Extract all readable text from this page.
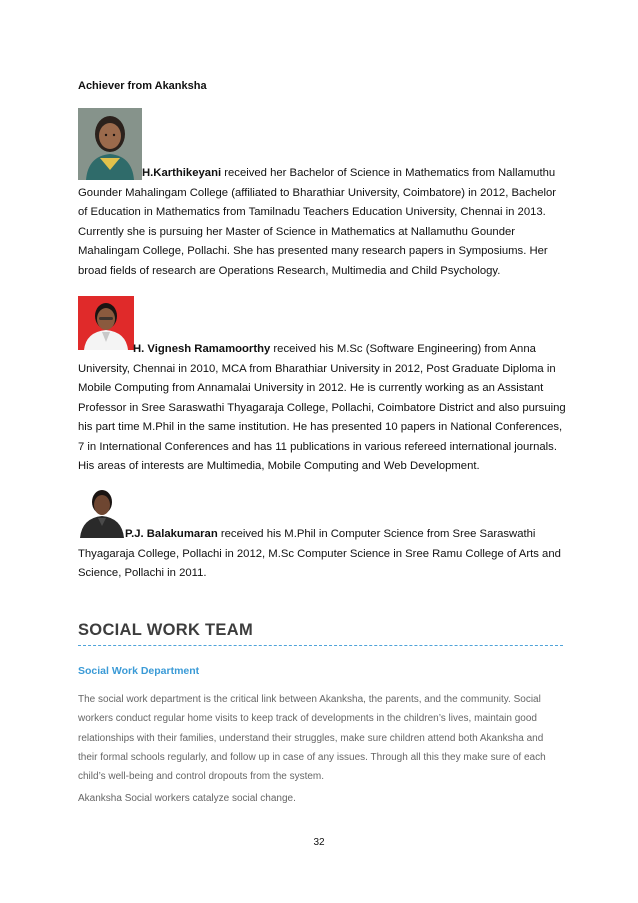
Achiever from Akanksha

H.Karthikeyani received her Bachelor of Science in Mathematics from Nallamuthu Gounder Mahalingam College (affiliated to Bharathiar University, Coimbatore) in 2012, Bachelor of Education in Mathematics from Tamilnadu Teachers Education University, Chennai in 2013. Currently she is pursuing her Master of Science in Mathematics at Nallamuthu Gounder Mahalingam College, Pollachi. She has presented many research papers in Symposiums. Her broad fields of research are Operations Research, Multimedia and Child Psychology.

H. Vignesh Ramamoorthy received his M.Sc (Software Engineering) from Anna University, Chennai in 2010, MCA from Bharathiar University in 2012, Post Graduate Diploma in Mobile Computing from Annamalai University in 2012. He is currently working as an Assistant Professor in Sree Saraswathi Thyagaraja College, Pollachi, Coimbatore District and also pursuing his part time M.Phil in the same institution. He has presented 10 papers in National Conferences, 7 in International Conferences and has 11 publications in various refereed international journals. His areas of interests are Multimedia, Mobile Computing and Web Development.

P.J. Balakumaran received his M.Phil in Computer Science from Sree Saraswathi Thyagaraja College, Pollachi in 2012, M.Sc Computer Science in Sree Ramu College of Arts and Science, Pollachi in 2011.

SOCIAL WORK TEAM
Social Work Department

The social work department is the critical link between Akanksha, the parents, and the community. Social workers conduct regular home visits to keep track of developments in the children’s lives, maintain good relationships with their families, understand their struggles, make sure children attend both Akanksha and their formal schools regularly, and follow up in case of any issues. Through all this they make sure of each child’s well-being and control dropouts from the system.

Akanksha Social workers catalyze social change.

32
